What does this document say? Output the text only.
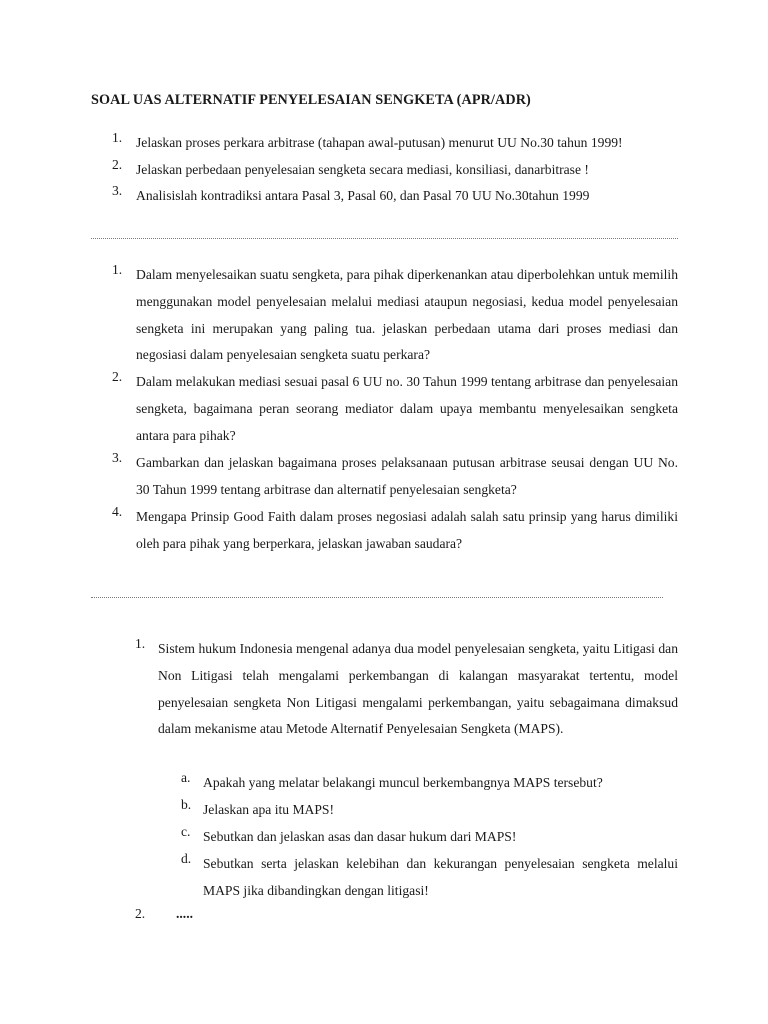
SOAL UAS ALTERNATIF PENYELESAIAN SENGKETA (APR/ADR)
1. Jelaskan proses perkara arbitrase (tahapan awal-putusan) menurut UU No.30 tahun 1999!
2. Jelaskan perbedaan penyelesaian sengketa secara mediasi, konsiliasi, danarbitrase !
3. Analisislah kontradiksi antara Pasal 3, Pasal 60, dan Pasal 70 UU No.30tahun 1999
1. Dalam menyelesaikan suatu sengketa, para pihak diperkenankan atau diperbolehkan untuk memilih menggunakan model penyelesaian melalui mediasi ataupun negosiasi, kedua model penyelesaian sengketa ini merupakan yang paling tua. jelaskan perbedaan utama dari proses mediasi dan negosiasi dalam penyelesaian sengketa suatu perkara?
2. Dalam melakukan mediasi sesuai pasal 6 UU no. 30 Tahun 1999 tentang arbitrase dan penyelesaian sengketa, bagaimana peran seorang mediator dalam upaya membantu menyelesaikan sengketa antara para pihak?
3. Gambarkan dan jelaskan bagaimana proses pelaksanaan putusan arbitrase seusai dengan UU No. 30 Tahun 1999 tentang arbitrase dan alternatif penyelesaian sengketa?
4. Mengapa Prinsip Good Faith dalam proses negosiasi adalah salah satu prinsip yang harus dimiliki oleh para pihak yang berperkara, jelaskan jawaban saudara?
1. Sistem hukum Indonesia mengenal adanya dua model penyelesaian sengketa, yaitu Litigasi dan Non Litigasi telah mengalami perkembangan di kalangan masyarakat tertentu, model penyelesaian sengketa Non Litigasi mengalami perkembangan, yaitu sebagaimana dimaksud dalam mekanisme atau Metode Alternatif Penyelesaian Sengketa (MAPS).
a. Apakah yang melatar belakangi muncul berkembangnya MAPS tersebut?
b. Jelaskan apa itu MAPS!
c. Sebutkan dan jelaskan asas dan dasar hukum dari MAPS!
d. Sebutkan serta jelaskan kelebihan dan kekurangan penyelesaian sengketa melalui MAPS jika dibandingkan dengan litigasi!
2. .....
